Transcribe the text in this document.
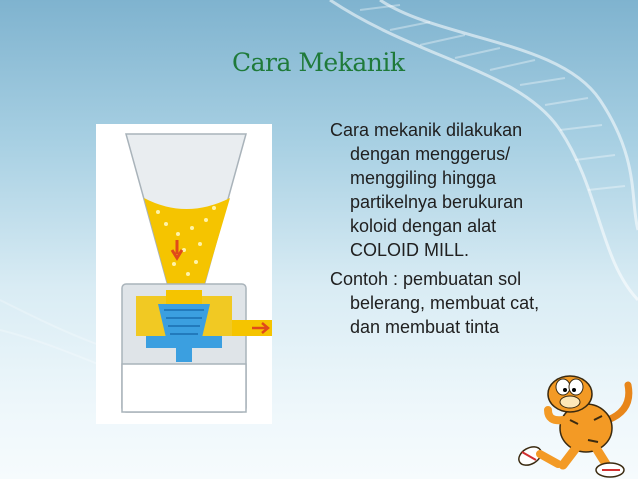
Cara Mekanik
Cara mekanik dilakukan
dengan menggerus/
menggiling hingga
partikelnya berukuran
koloid dengan alat
COLOID MILL.
Contoh : pembuatan sol
belerang, membuat cat,
dan membuat tinta
